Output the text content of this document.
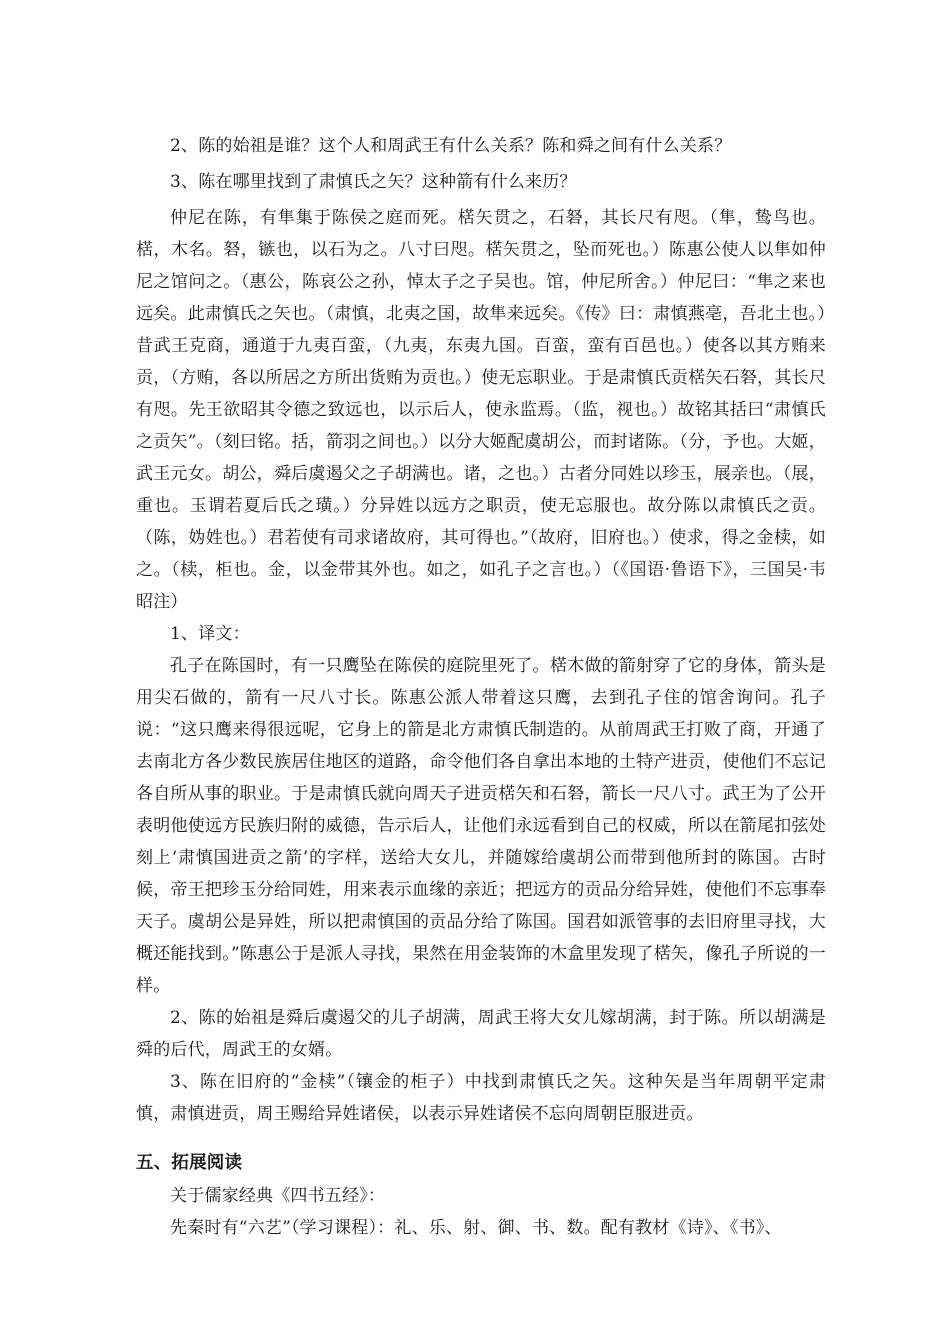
2、陈的始祖是谁？这个人和周武王有什么关系？陈和舜之间有什么关系？

3、陈在哪里找到了肃慎氏之矢？这种箭有什么来历？

仲尼在陈，有隼集于陈侯之庭而死。楛矢贯之，石砮，其长尺有咫。（隼，鸷鸟也。楛，木名。砮，镞也，以石为之。八寸曰咫。楛矢贯之，坠而死也。）陈惠公使人以隼如仲尼之馆问之。（惠公，陈哀公之孙，悼太子之子吴也。馆，仲尼所舍。）仲尼曰：“隼之来也远矣。此肃慎氏之矢也。（肃慎，北夷之国，故隼来远矣。《传》曰：肃慎燕亳，吾北土也。）昔武王克商，通道于九夷百蛮，（九夷，东夷九国。百蛮，蛮有百邑也。）使各以其方贿来贡，（方贿，各以所居之方所出货贿为贡也。）使无忘职业。于是肃慎氏贡楛矢石砮，其长尺有咫。先王欲昭其令德之致远也，以示后人，使永监焉。（监，视也。）故铭其括曰“肃慎氏之贡矢”。（刻曰铭。括，箭羽之间也。）以分大姬配虞胡公，而封诸陈。（分，予也。大姬，武王元女。胡公，舜后虞遏父之子胡满也。诸，之也。）古者分同姓以珍玉，展亲也。（展，重也。玉谓若夏后氏之璜。）分异姓以远方之职贡，使无忘服也。故分陈以肃慎氏之贡。（陈，妫姓也。）君若使有司求诸故府，其可得也。”（故府，旧府也。）使求，得之金椟，如之。（椟，柜也。金，以金带其外也。如之，如孔子之言也。）（《国语·鲁语下》，三国吴·韦昭注）

1、译文：

孔子在陈国时，有一只鹰坠在陈侯的庭院里死了。楛木做的箭射穿了它的身体，箭头是用尖石做的，箭有一尺八寸长。陈惠公派人带着这只鹰，去到孔子住的馆舍询问。孔子说：“这只鹰来得很远呢，它身上的箭是北方肃慎氏制造的。从前周武王打败了商，开通了去南北方各少数民族居住地区的道路，命令他们各自拿出本地的土特产进贡，使他们不忘记各自所从事的职业。于是肃慎氏就向周天子进贡楛矢和石砮，箭长一尺八寸。武王为了公开表明他使远方民族归附的威德，告示后人，让他们永远看到自己的权威，所以在箭尾扣弦处刻上‘肃慎国进贡之箭’的字样，送给大女儿，并随嫁给虞胡公而带到他所封的陈国。古时候，帝王把珍玉分给同姓，用来表示血缘的亲近；把远方的贡品分给异姓，使他们不忘事奉天子。虞胡公是异姓，所以把肃慎国的贡品分给了陈国。国君如派管事的去旧府里寻找，大概还能找到。”陈惠公于是派人寻找，果然在用金装饰的木盒里发现了楛矢，像孔子所说的一样。

2、陈的始祖是舜后虞遏父的儿子胡满，周武王将大女儿嫁胡满，封于陈。所以胡满是舜的后代，周武王的女婿。

3、陈在旧府的“金椟”（镶金的柜子）中找到肃慎氏之矢。这种矢是当年周朝平定肃慎，肃慎进贡，周王赐给异姓诸侯，以表示异姓诸侯不忘向周朝臣服进贡。

五、拓展阅读

关于儒家经典《四书五经》：

先秦时有“六艺”（学习课程）：礼、乐、射、御、书、数。配有教材《诗》、《书》、
